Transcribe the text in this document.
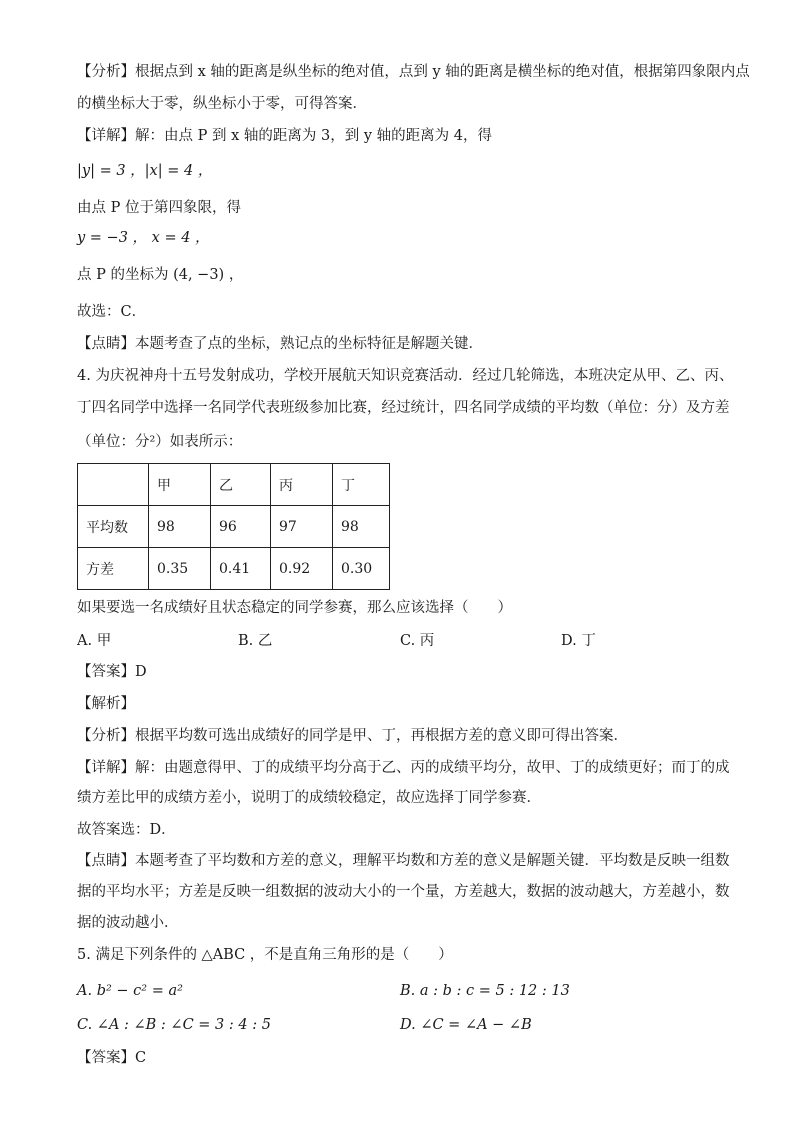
【分析】根据点到 x 轴的距离是纵坐标的绝对值，点到 y 轴的距离是横坐标的绝对值，根据第四象限内点
的横坐标大于零，纵坐标小于零，可得答案．
【详解】解：由点 P 到 x 轴的距离为 3，到 y 轴的距离为 4，得
|y| = 3 ，|x| = 4 ，
由点 P 位于第四象限，得
y = −3 ， x = 4 ，
点 P 的坐标为 (4, −3) ，
故选：C．
【点睛】本题考查了点的坐标，熟记点的坐标特征是解题关键．
4. 为庆祝神舟十五号发射成功，学校开展航天知识竞赛活动．经过几轮筛选，本班决定从甲、乙、丙、
丁四名同学中选择一名同学代表班级参加比赛，经过统计，四名同学成绩的平均数（单位：分）及方差
（单位：分²）如表所示：
	甲	乙	丙	丁
平均数	98	96	97	98
方差	0.35	0.41	0.92	0.30
如果要选一名成绩好且状态稳定的同学参赛，那么应该选择（　　）
A. 甲	B. 乙	C. 丙	D. 丁
【答案】D
【解析】
【分析】根据平均数可选出成绩好的同学是甲、丁，再根据方差的意义即可得出答案．
【详解】解：由题意得甲、丁的成绩平均分高于乙、丙的成绩平均分，故甲、丁的成绩更好；而丁的成
绩方差比甲的成绩方差小，说明丁的成绩较稳定，故应选择丁同学参赛．
故答案选：D．
【点睛】本题考查了平均数和方差的意义，理解平均数和方差的意义是解题关键．平均数是反映一组数
据的平均水平；方差是反映一组数据的波动大小的一个量，方差越大，数据的波动越大，方差越小，数
据的波动越小．
5. 满足下列条件的 △ABC ，不是直角三角形的是（　　）
A. b² − c² = a²	B. a : b : c = 5 : 12 : 13
C. ∠A : ∠B : ∠C = 3 : 4 : 5	D. ∠C = ∠A − ∠B
【答案】C
